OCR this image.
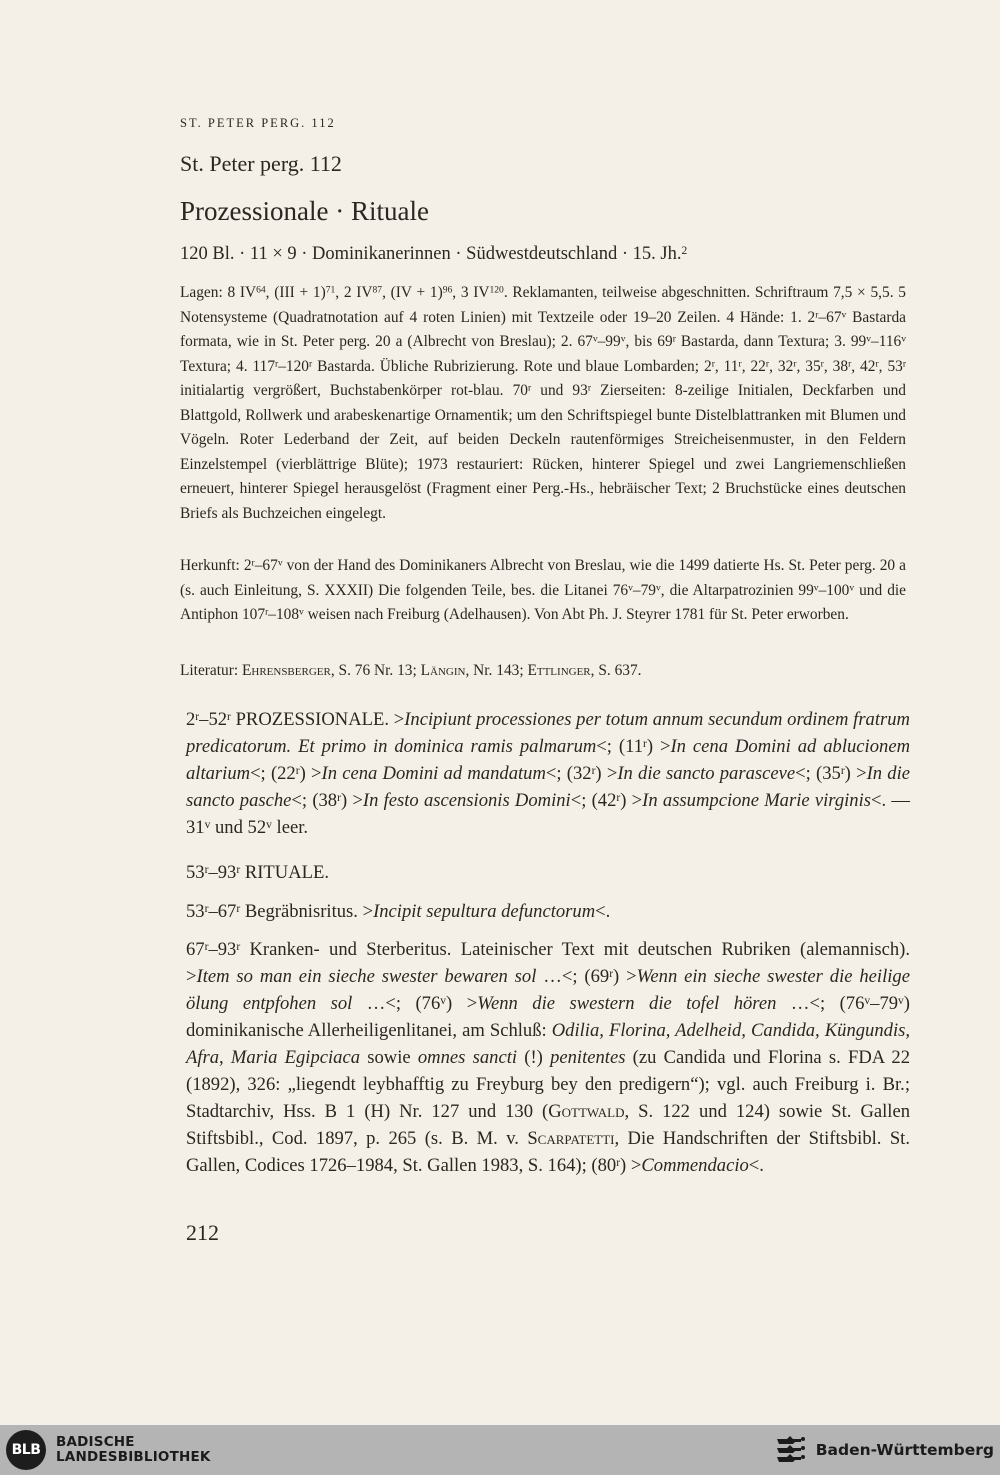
ST. PETER PERG. 112
St. Peter perg. 112
Prozessionale · Rituale
120 Bl. · 11 × 9 · Dominikanerinnen · Südwestdeutschland · 15. Jh.$^2$
Lagen: 8 IV$^{64}$, (III + 1)$^{71}$, 2 IV$^{87}$, (IV + 1)$^{96}$, 3 IV$^{120}$. Reklamanten, teilweise abgeschnitten. Schriftraum 7,5 × 5,5. 5 Notensysteme (Quadratnotation auf 4 roten Linien) mit Textzeile oder 19–20 Zeilen. 4 Hände: 1. 2$^r$–67$^v$ Bastarda formata, wie in St. Peter perg. 20 a (Albrecht von Breslau); 2. 67$^v$–99$^v$, bis 69$^r$ Bastarda, dann Textura; 3. 99$^v$–116$^v$ Textura; 4. 117$^r$–120$^r$ Bastarda. Übliche Rubrizierung. Rote und blaue Lombarden; 2$^r$, 11$^r$, 22$^r$, 32$^r$, 35$^r$, 38$^r$, 42$^r$, 53$^r$ initialartig vergrößert, Buchstabenkörper rot-blau. 70$^r$ und 93$^r$ Zierseiten: 8-zeilige Initialen, Deckfarben und Blattgold, Rollwerk und arabeskenartige Ornamentik; um den Schriftspiegel bunte Distelblattranken mit Blumen und Vögeln. Roter Lederband der Zeit, auf beiden Deckeln rautenförmiges Streicheisenmuster, in den Feldern Einzelstempel (vierblättrige Blüte); 1973 restauriert: Rücken, hinterer Spiegel und zwei Langriemenschließen erneuert, hinterer Spiegel herausgelöst (Fragment einer Perg.-Hs., hebräischer Text; 2 Bruchstücke eines deutschen Briefs als Buchzeichen eingelegt.
Herkunft: 2$^r$–67$^v$ von der Hand des Dominikaners Albrecht von Breslau, wie die 1499 datierte Hs. St. Peter perg. 20 a (s. auch Einleitung, S. XXXII) Die folgenden Teile, bes. die Litanei 76$^v$–79$^v$, die Altarpatrozinien 99$^v$–100$^v$ und die Antiphon 107$^r$–108$^v$ weisen nach Freiburg (Adelhausen). Von Abt Ph. J. Steyrer 1781 für St. Peter erworben.
Literatur: Ehrensberger, S. 76 Nr. 13; Längin, Nr. 143; Ettlinger, S. 637.
2$^r$–52$^r$ PROZESSIONALE. >Incipiunt processiones per totum annum secundum ordinem fratrum predicatorum. Et primo in dominica ramis palmarum<; $(11^r) >In$ cena Domini ad ablucionem altarium<; $(22^r) >In$ cena Domini ad mandatum<; $(32^r) >In$ die sancto parasceve<; $(35^r) >In$ die sancto pasche<; $(38^r) >In$ festo ascensionis Domini<; $(42^r) >In$ assumpcione Marie virginis<. — 31$^v$ und 52$^v$ leer.
53$^r$–93$^r$ RITUALE.
53$^r$–67$^r$ Begräbnisritus. >Incipit sepultura defunctorum<.
67$^r$–93$^r$ Kranken- und Sterberitus. Lateinischer Text mit deutschen Rubriken (alemannisch). >Item so man ein sieche swester bewaren sol …<; $(69^r)$ >Wenn ein sieche swester die heilige ölung entpfohen sol …<; $(76^v)$ >Wenn die swestern die tofel hören …<; (76$^v$–79$^v$) dominikanische Allerheiligenlitanei, am Schluß: Odilia, Florina, Adelheid, Candida, Küngundis, Afra, Maria Egipciaca sowie omnes sancti (!) penitentes (zu Candida und Florina s. FDA 22 (1892), 326: „liegendt leybhafftig zu Freyburg bey den predigern“); vgl. auch Freiburg i. Br.; Stadtarchiv, Hss. B 1 (H) Nr. 127 und 130 (Gottwald, S. 122 und 124) sowie St. Gallen Stiftsbibl., Cod. 1897, p. 265 (s. B. M. v. Scarpatetti, Die Handschriften der Stiftsbibl. St. Gallen, Codices 1726–1984, St. Gallen 1983, S. 164); $(80^r)$ >Commendacio<.
212
BLB	BADISCHE
LANDESBIBLIOTHEK	Baden-Württemberg
